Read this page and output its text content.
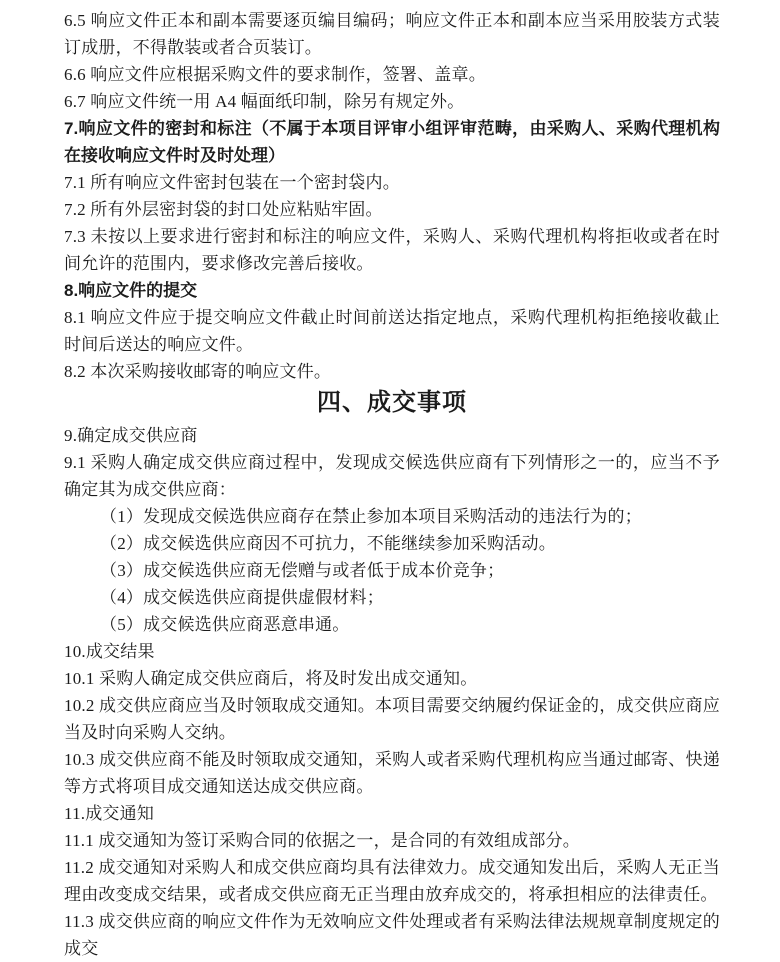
6.5 响应文件正本和副本需要逐页编目编码；响应文件正本和副本应当采用胶装方式装订成册，不得散装或者合页装订。

6.6 响应文件应根据采购文件的要求制作，签署、盖章。

6.7 响应文件统一用 A4 幅面纸印制，除另有规定外。

7.响应文件的密封和标注（不属于本项目评审小组评审范畴，由采购人、采购代理机构在接收响应文件时及时处理）

7.1 所有响应文件密封包装在一个密封袋内。

7.2 所有外层密封袋的封口处应粘贴牢固。

7.3 未按以上要求进行密封和标注的响应文件，采购人、采购代理机构将拒收或者在时间允许的范围内，要求修改完善后接收。

8.响应文件的提交

8.1 响应文件应于提交响应文件截止时间前送达指定地点，采购代理机构拒绝接收截止时间后送达的响应文件。

8.2 本次采购接收邮寄的响应文件。

四、成交事项

9.确定成交供应商

9.1 采购人确定成交供应商过程中，发现成交候选供应商有下列情形之一的，应当不予确定其为成交供应商：

（1）发现成交候选供应商存在禁止参加本项目采购活动的违法行为的；

（2）成交候选供应商因不可抗力，不能继续参加采购活动。

（3）成交候选供应商无偿赠与或者低于成本价竞争；

（4）成交候选供应商提供虚假材料；

（5）成交候选供应商恶意串通。

10.成交结果

10.1 采购人确定成交供应商后，将及时发出成交通知。

10.2 成交供应商应当及时领取成交通知。本项目需要交纳履约保证金的，成交供应商应当及时向采购人交纳。

10.3 成交供应商不能及时领取成交通知，采购人或者采购代理机构应当通过邮寄、快递等方式将项目成交通知送达成交供应商。

11.成交通知

11.1 成交通知为签订采购合同的依据之一，是合同的有效组成部分。

11.2 成交通知对采购人和成交供应商均具有法律效力。成交通知发出后，采购人无正当理由改变成交结果，或者成交供应商无正当理由放弃成交的，将承担相应的法律责任。

11.3 成交供应商的响应文件作为无效响应文件处理或者有采购法律法规规章制度规定的成交
